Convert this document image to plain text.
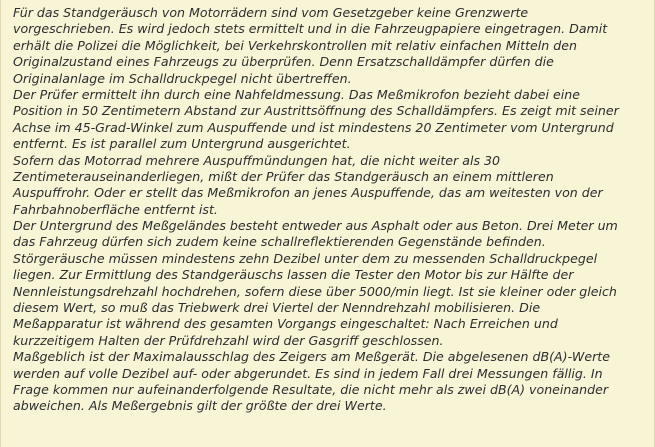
Für das Standgeräusch von Motorrädern sind vom Gesetzgeber keine Grenzwerte
vorgeschrieben. Es wird jedoch stets ermittelt und in die Fahrzeugpapiere eingetragen. Damit
erhält die Polizei die Möglichkeit, bei Verkehrskontrollen mit relativ einfachen Mitteln den
Originalzustand eines Fahrzeugs zu überprüfen. Denn Ersatzschalldämpfer dürfen die
Originalanlage im Schalldruckpegel nicht übertreffen.
Der Prüfer ermittelt ihn durch eine Nahfeldmessung. Das Meßmikrofon bezieht dabei eine
Position in 50 Zentimetern Abstand zur Austrittsöffnung des Schalldämpfers. Es zeigt mit seiner
Achse im 45-Grad-Winkel zum Auspuffende und ist mindestens 20 Zentimeter vom Untergrund
entfernt. Es ist parallel zum Untergrund ausgerichtet.
Sofern das Motorrad mehrere Auspuffmündungen hat, die nicht weiter als 30
Zentimeterauseinanderliegen, mißt der Prüfer das Standgeräusch an einem mittleren
Auspuffrohr. Oder er stellt das Meßmikrofon an jenes Auspuffende, das am weitesten von der
Fahrbahnoberfläche entfernt ist.
Der Untergrund des Meßgeländes besteht entweder aus Asphalt oder aus Beton. Drei Meter um
das Fahrzeug dürfen sich zudem keine schallreflektierenden Gegenstände befinden.
Störgeräusche müssen mindestens zehn Dezibel unter dem zu messenden Schalldruckpegel
liegen. Zur Ermittlung des Standgeräuschs lassen die Tester den Motor bis zur Hälfte der
Nennleistungsdrehzahl hochdrehen, sofern diese über 5000/min liegt. Ist sie kleiner oder gleich
diesem Wert, so muß das Triebwerk drei Viertel der Nenndrehzahl mobilisieren. Die
Meßapparatur ist während des gesamten Vorgangs eingeschaltet: Nach Erreichen und
kurzzeitigem Halten der Prüfdrehzahl wird der Gasgriff geschlossen.
Maßgeblich ist der Maximalausschlag des Zeigers am Meßgerät. Die abgelesenen dB(A)-Werte
werden auf volle Dezibel auf- oder abgerundet. Es sind in jedem Fall drei Messungen fällig. In
Frage kommen nur aufeinanderfolgende Resultate, die nicht mehr als zwei dB(A) voneinander
abweichen. Als Meßergebnis gilt der größte der drei Werte.
